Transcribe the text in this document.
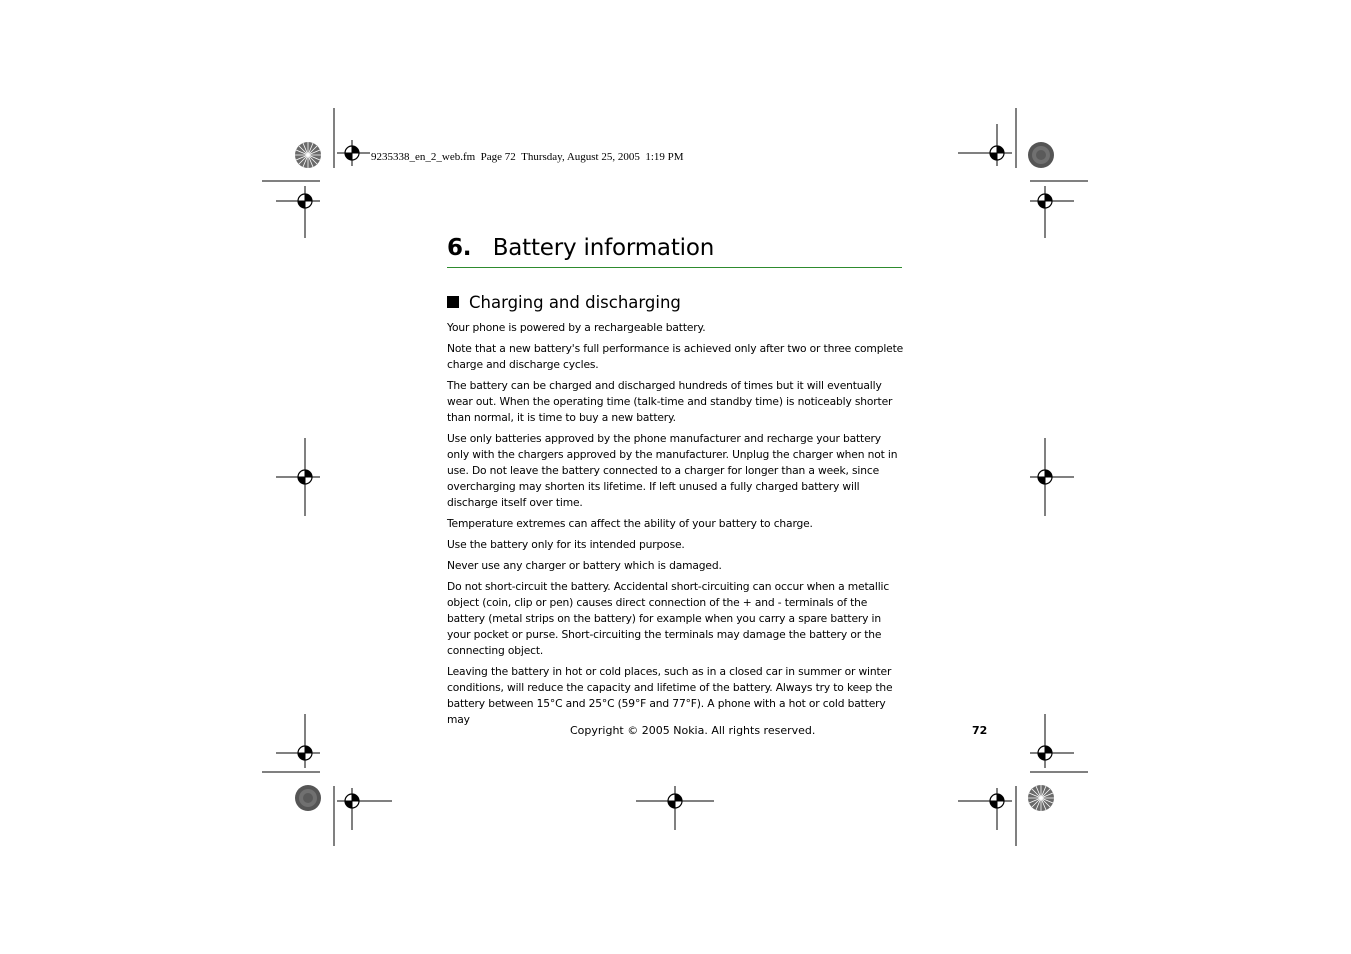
9235338_en_2_web.fm  Page 72  Thursday, August 25, 2005  1:19 PM
6. Battery information
Charging and discharging

Your phone is powered by a rechargeable battery.

Note that a new battery's full performance is achieved only after two or three complete charge and discharge cycles.

The battery can be charged and discharged hundreds of times but it will eventually wear out. When the operating time (talk-time and standby time) is noticeably shorter than normal, it is time to buy a new battery.

Use only batteries approved by the phone manufacturer and recharge your battery only with the chargers approved by the manufacturer. Unplug the charger when not in use. Do not leave the battery connected to a charger for longer than a week, since overcharging may shorten its lifetime. If left unused a fully charged battery will discharge itself over time.

Temperature extremes can affect the ability of your battery to charge.

Use the battery only for its intended purpose.

Never use any charger or battery which is damaged.

Do not short-circuit the battery. Accidental short-circuiting can occur when a metallic object (coin, clip or pen) causes direct connection of the + and - terminals of the battery (metal strips on the battery) for example when you carry a spare battery in your pocket or purse. Short-circuiting the terminals may damage the battery or the connecting object.

Leaving the battery in hot or cold places, such as in a closed car in summer or winter conditions, will reduce the capacity and lifetime of the battery. Always try to keep the battery between 15°C and 25°C (59°F and 77°F). A phone with a hot or cold battery may

Copyright © 2005 Nokia. All rights reserved.	72
